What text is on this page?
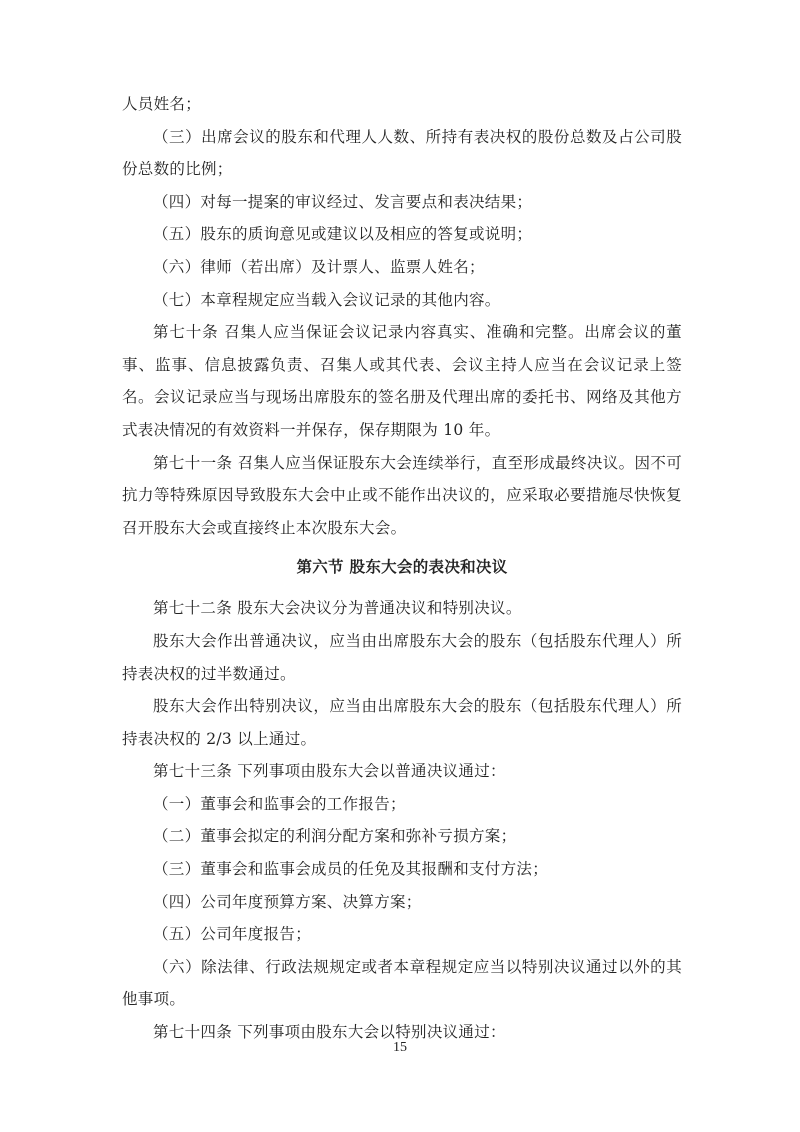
人员姓名；

（三）出席会议的股东和代理人人数、所持有表决权的股份总数及占公司股份总数的比例；

（四）对每一提案的审议经过、发言要点和表决结果；

（五）股东的质询意见或建议以及相应的答复或说明；

（六）律师（若出席）及计票人、监票人姓名；

（七）本章程规定应当载入会议记录的其他内容。

第七十条 召集人应当保证会议记录内容真实、准确和完整。出席会议的董事、监事、信息披露负责、召集人或其代表、会议主持人应当在会议记录上签名。会议记录应当与现场出席股东的签名册及代理出席的委托书、网络及其他方式表决情况的有效资料一并保存，保存期限为 10 年。

第七十一条 召集人应当保证股东大会连续举行，直至形成最终决议。因不可抗力等特殊原因导致股东大会中止或不能作出决议的，应采取必要措施尽快恢复召开股东大会或直接终止本次股东大会。

第六节 股东大会的表决和决议

第七十二条 股东大会决议分为普通决议和特别决议。

股东大会作出普通决议，应当由出席股东大会的股东（包括股东代理人）所持表决权的过半数通过。

股东大会作出特别决议，应当由出席股东大会的股东（包括股东代理人）所持表决权的 2/3 以上通过。

第七十三条 下列事项由股东大会以普通决议通过：

（一）董事会和监事会的工作报告；

（二）董事会拟定的利润分配方案和弥补亏损方案；

（三）董事会和监事会成员的任免及其报酬和支付方法；

（四）公司年度预算方案、决算方案；

（五）公司年度报告；

（六）除法律、行政法规规定或者本章程规定应当以特别决议通过以外的其他事项。

第七十四条 下列事项由股东大会以特别决议通过：

15
